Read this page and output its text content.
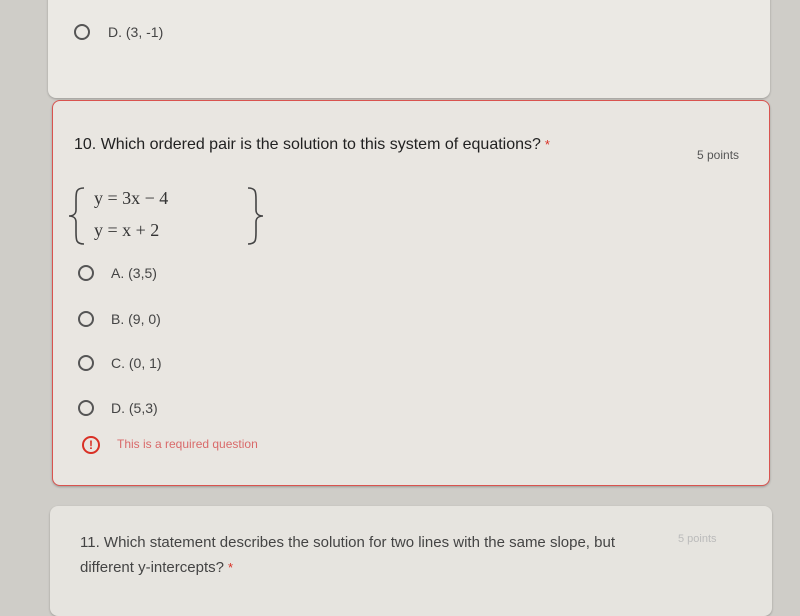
D. (3, -1)
10. Which ordered pair is the solution to this system of equations? *
5 points
y = 3x − 4
y = x + 2
A. (3,5)
B. (9, 0)
C. (0, 1)
D. (5,3)
!	This is a required question
11. Which statement describes the solution for two lines with the same slope, but different y-intercepts? *
5 points
